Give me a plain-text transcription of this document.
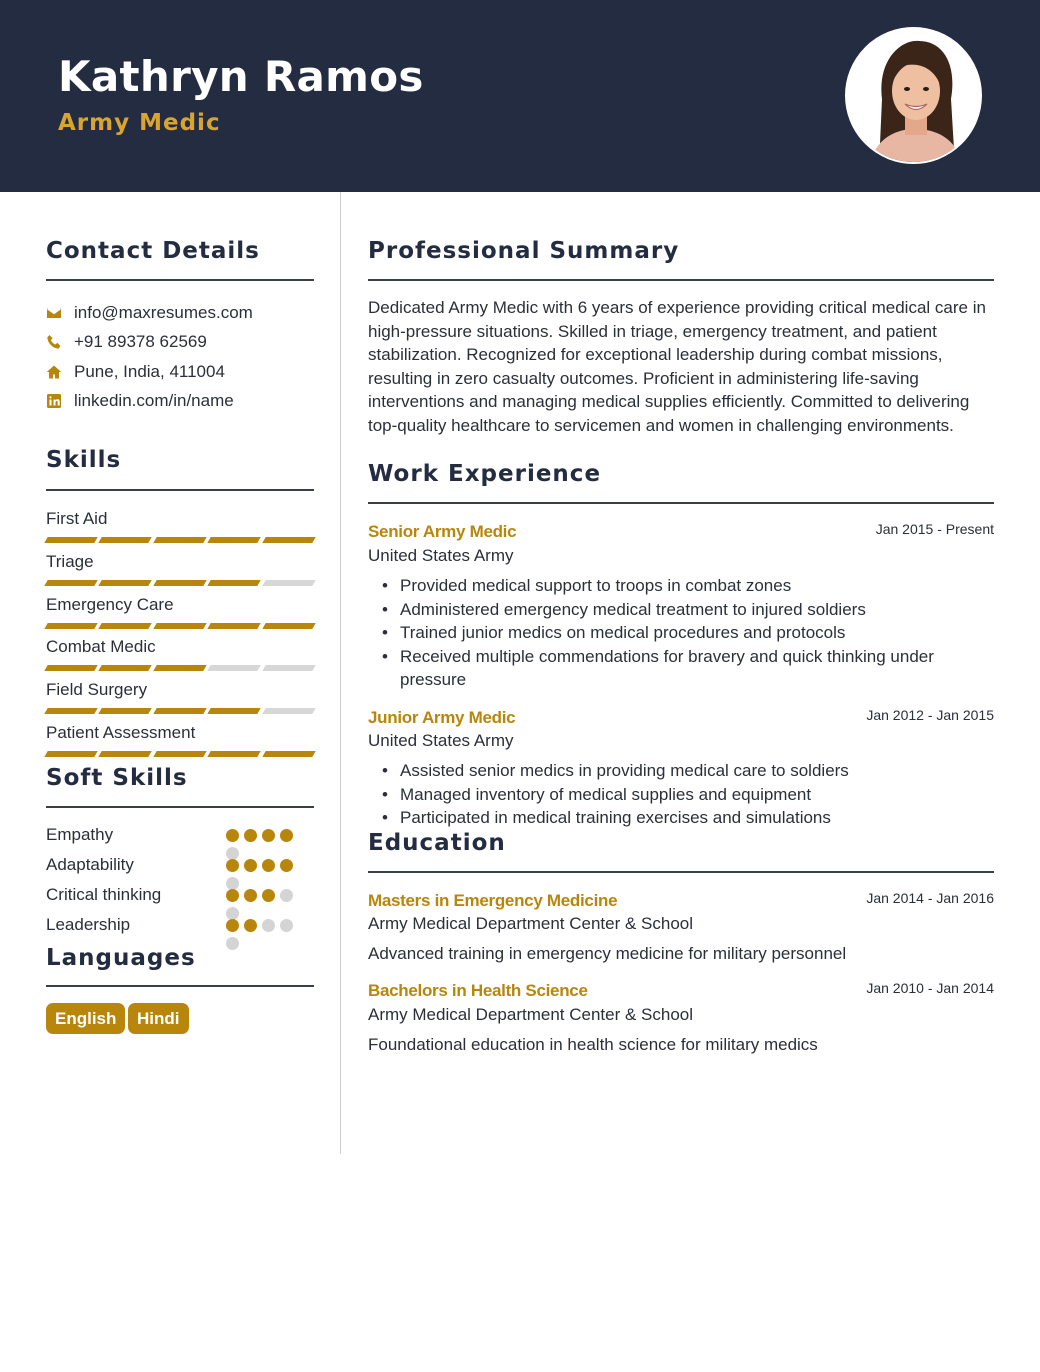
Kathryn Ramos
Army Medic
Contact Details
info@maxresumes.com
+91 89378 62569
Pune, India, 411004
linkedin.com/in/name
Skills
First Aid
Triage
Emergency Care
Combat Medic
Field Surgery
Patient Assessment
Soft Skills
Empathy
Adaptability
Critical thinking
Leadership
Languages
English	Hindi
Professional Summary
Dedicated Army Medic with 6 years of experience providing critical medical care in high-pressure situations. Skilled in triage, emergency treatment, and patient stabilization. Recognized for exceptional leadership during combat missions, resulting in zero casualty outcomes. Proficient in administering life-saving interventions and managing medical supplies efficiently. Committed to delivering top-quality healthcare to servicemen and women in challenging environments.
Work Experience
Senior Army Medic	Jan 2015 - Present
United States Army
• Provided medical support to troops in combat zones
• Administered emergency medical treatment to injured soldiers
• Trained junior medics on medical procedures and protocols
• Received multiple commendations for bravery and quick thinking under pressure
Junior Army Medic	Jan 2012 - Jan 2015
United States Army
• Assisted senior medics in providing medical care to soldiers
• Managed inventory of medical supplies and equipment
• Participated in medical training exercises and simulations
Education
Masters in Emergency Medicine	Jan 2014 - Jan 2016
Army Medical Department Center & School
Advanced training in emergency medicine for military personnel
Bachelors in Health Science	Jan 2010 - Jan 2014
Army Medical Department Center & School
Foundational education in health science for military medics
